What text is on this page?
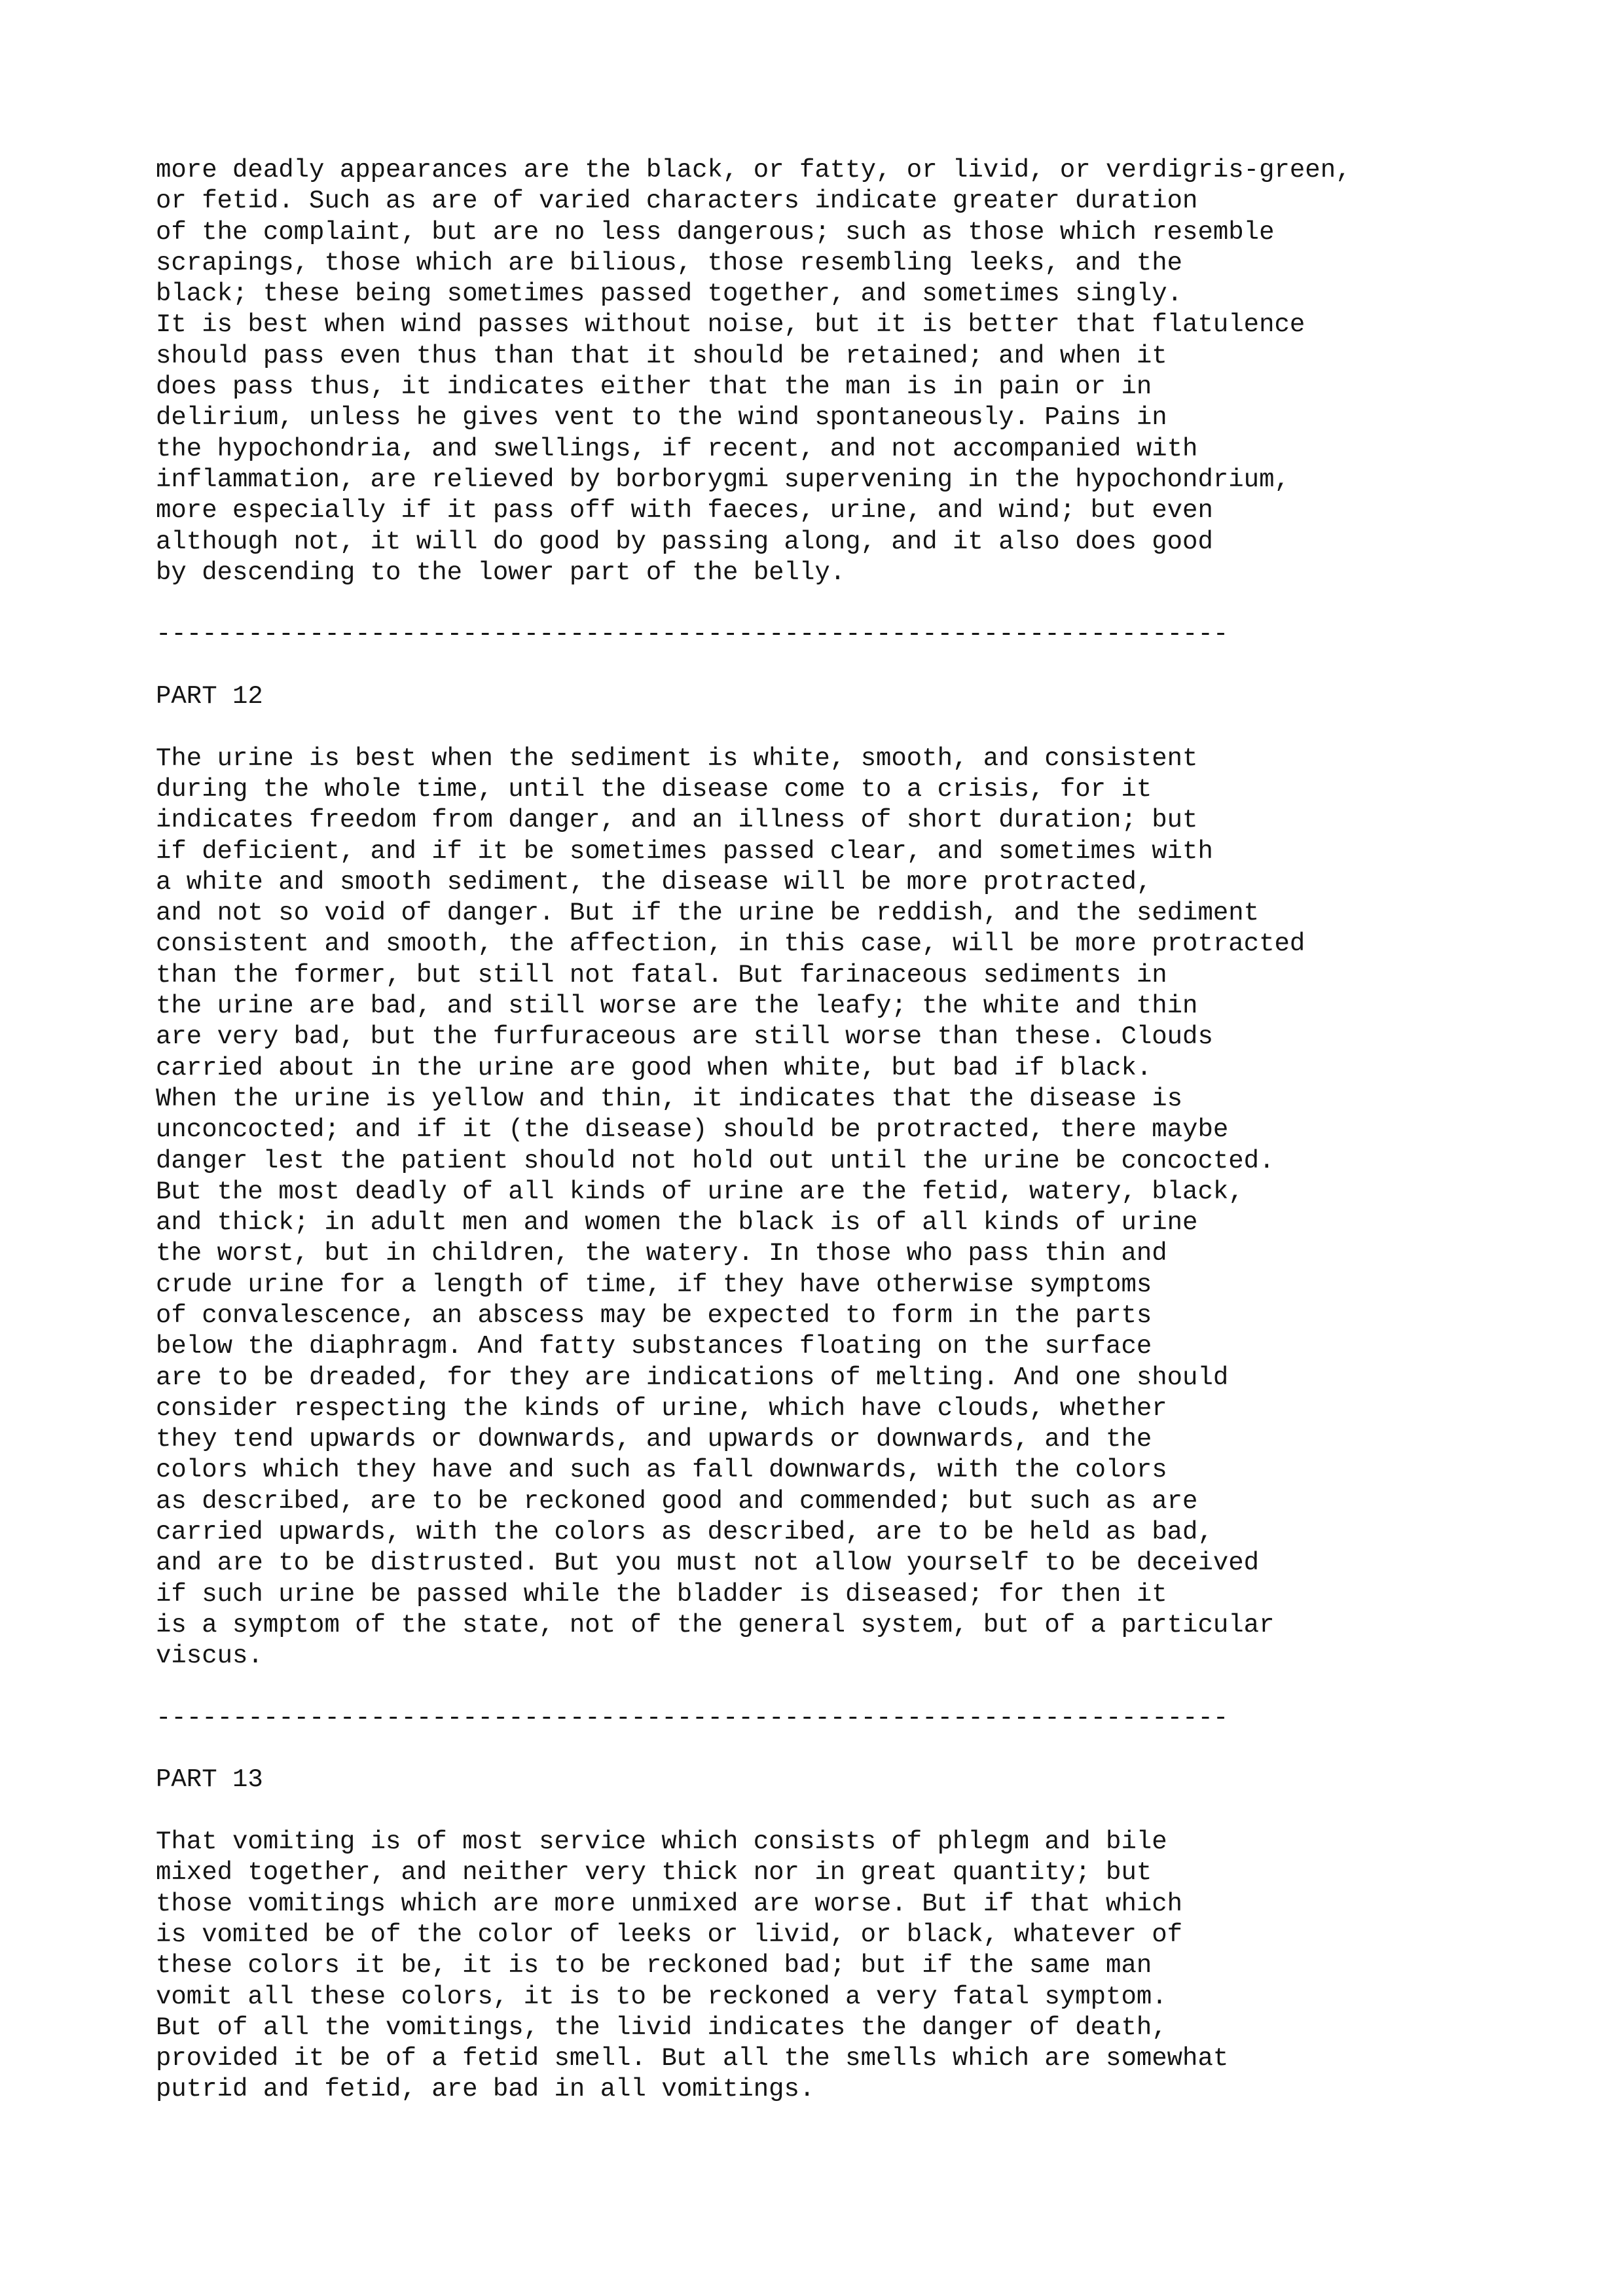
more deadly appearances are the black, or fatty, or livid, or verdigris-green,

or fetid. Such as are of varied characters indicate greater duration

of the complaint, but are no less dangerous; such as those which resemble

scrapings, those which are bilious, those resembling leeks, and the

black; these being sometimes passed together, and sometimes singly.

It is best when wind passes without noise, but it is better that flatulence

should pass even thus than that it should be retained; and when it

does pass thus, it indicates either that the man is in pain or in

delirium, unless he gives vent to the wind spontaneously. Pains in

the hypochondria, and swellings, if recent, and not accompanied with

inflammation, are relieved by borborygmi supervening in the hypochondrium,

more especially if it pass off with faeces, urine, and wind; but even

although not, it will do good by passing along, and it also does good

by descending to the lower part of the belly.

----------------------------------------------------------------------

PART 12

The urine is best when the sediment is white, smooth, and consistent

during the whole time, until the disease come to a crisis, for it

indicates freedom from danger, and an illness of short duration; but

if deficient, and if it be sometimes passed clear, and sometimes with

a white and smooth sediment, the disease will be more protracted,

and not so void of danger. But if the urine be reddish, and the sediment

consistent and smooth, the affection, in this case, will be more protracted

than the former, but still not fatal. But farinaceous sediments in

the urine are bad, and still worse are the leafy; the white and thin

are very bad, but the furfuraceous are still worse than these. Clouds

carried about in the urine are good when white, but bad if black.

When the urine is yellow and thin, it indicates that the disease is

unconcocted; and if it (the disease) should be protracted, there maybe

danger lest the patient should not hold out until the urine be concocted.

But the most deadly of all kinds of urine are the fetid, watery, black,

and thick; in adult men and women the black is of all kinds of urine

the worst, but in children, the watery. In those who pass thin and

crude urine for a length of time, if they have otherwise symptoms

of convalescence, an abscess may be expected to form in the parts

below the diaphragm. And fatty substances floating on the surface

are to be dreaded, for they are indications of melting. And one should

consider respecting the kinds of urine, which have clouds, whether

they tend upwards or downwards, and upwards or downwards, and the

colors which they have and such as fall downwards, with the colors

as described, are to be reckoned good and commended; but such as are

carried upwards, with the colors as described, are to be held as bad,

and are to be distrusted. But you must not allow yourself to be deceived

if such urine be passed while the bladder is diseased; for then it

is a symptom of the state, not of the general system, but of a particular

viscus.

----------------------------------------------------------------------

PART 13

That vomiting is of most service which consists of phlegm and bile

mixed together, and neither very thick nor in great quantity; but

those vomitings which are more unmixed are worse. But if that which

is vomited be of the color of leeks or livid, or black, whatever of

these colors it be, it is to be reckoned bad; but if the same man

vomit all these colors, it is to be reckoned a very fatal symptom.

But of all the vomitings, the livid indicates the danger of death,

provided it be of a fetid smell. But all the smells which are somewhat

putrid and fetid, are bad in all vomitings.
